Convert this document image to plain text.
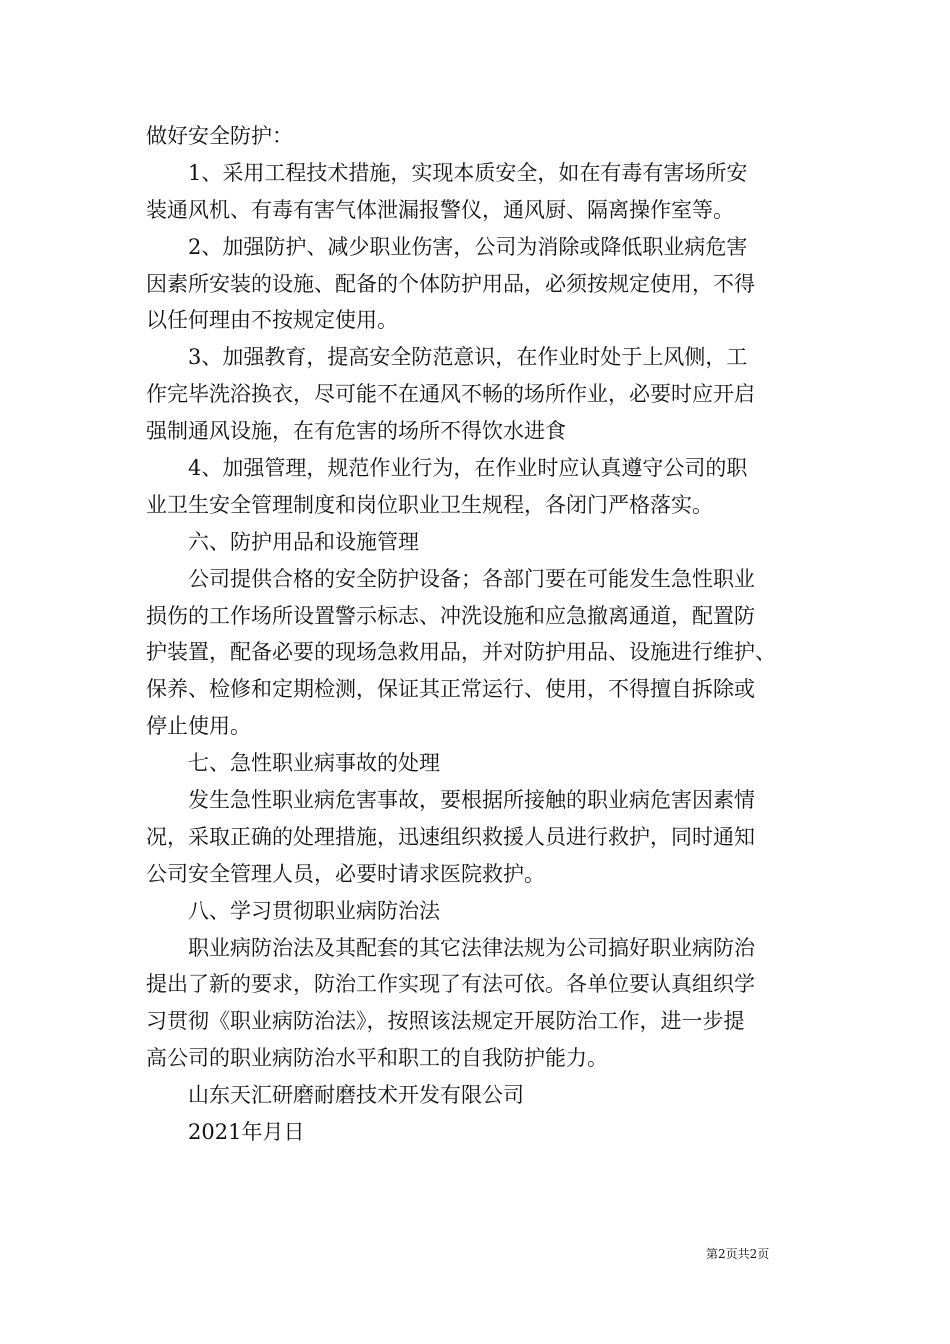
做好安全防护：
1、采用工程技术措施，实现本质安全，如在有毒有害场所安
装通风机、有毒有害气体泄漏报警仪，通风厨、隔离操作室等。
2、加强防护、减少职业伤害，公司为消除或降低职业病危害
因素所安装的设施、配备的个体防护用品，必须按规定使用，不得
以任何理由不按规定使用。
3、加强教育，提高安全防范意识，在作业时处于上风侧，工
作完毕洗浴换衣，尽可能不在通风不畅的场所作业，必要时应开启
强制通风设施，在有危害的场所不得饮水进食
4、加强管理，规范作业行为，在作业时应认真遵守公司的职
业卫生安全管理制度和岗位职业卫生规程，各闭门严格落实。
六、防护用品和设施管理
公司提供合格的安全防护设备；各部门要在可能发生急性职业
损伤的工作场所设置警示标志、冲洗设施和应急撤离通道，配置防
护装置，配备必要的现场急救用品，并对防护用品、设施进行维护、
保养、检修和定期检测，保证其正常运行、使用，不得擅自拆除或
停止使用。
七、急性职业病事故的处理
发生急性职业病危害事故，要根据所接触的职业病危害因素情
况，采取正确的处理措施，迅速组织救援人员进行救护，同时通知
公司安全管理人员，必要时请求医院救护。
八、学习贯彻职业病防治法
职业病防治法及其配套的其它法律法规为公司搞好职业病防治
提出了新的要求，防治工作实现了有法可依。各单位要认真组织学
习贯彻《职业病防治法》，按照该法规定开展防治工作，进一步提
高公司的职业病防治水平和职工的自我防护能力。
山东天汇研磨耐磨技术开发有限公司
2021年月日
第2页共2页
